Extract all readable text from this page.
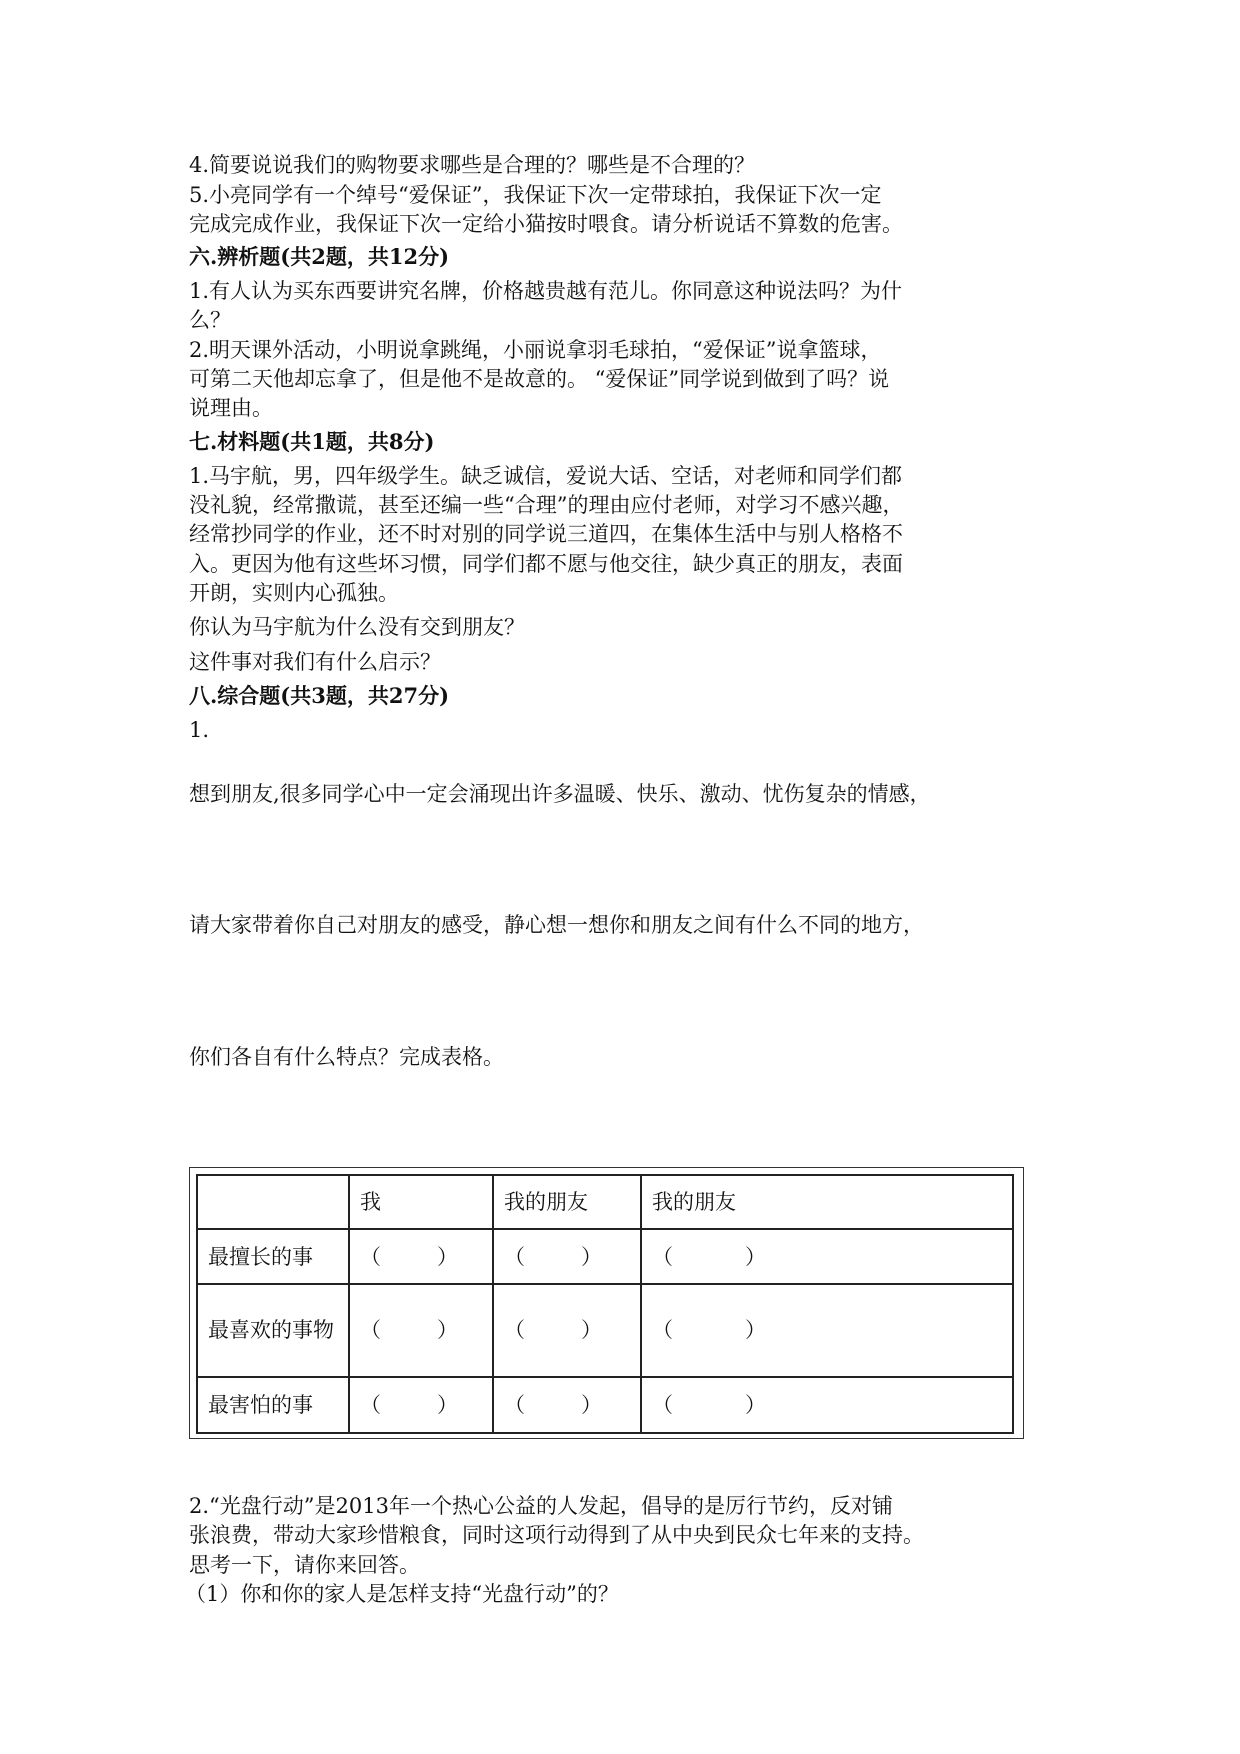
4.简要说说我们的购物要求哪些是合理的？哪些是不合理的？
5.小亮同学有一个绰号“爱保证”，我保证下次一定带球拍，我保证下次一定
完成完成作业，我保证下次一定给小猫按时喂食。请分析说话不算数的危害。
六.辨析题(共2题，共12分)
1.有人认为买东西要讲究名牌，价格越贵越有范儿。你同意这种说法吗？为什
么？
2.明天课外活动，小明说拿跳绳，小丽说拿羽毛球拍，“爱保证”说拿篮球，
可第二天他却忘拿了，但是他不是故意的。 “爱保证”同学说到做到了吗？说
说理由。
七.材料题(共1题，共8分)
1.马宇航，男，四年级学生。缺乏诚信，爱说大话、空话，对老师和同学们都
没礼貌，经常撒谎，甚至还编一些“合理”的理由应付老师，对学习不感兴趣，
经常抄同学的作业，还不时对别的同学说三道四，在集体生活中与别人格格不
入。更因为他有这些坏习惯，同学们都不愿与他交往，缺少真正的朋友，表面
开朗，实则内心孤独。
你认为马宇航为什么没有交到朋友？
这件事对我们有什么启示？
八.综合题(共3题，共27分)
1.
想到朋友,很多同学心中一定会涌现出许多温暖、快乐、激动、忧伤复杂的情感，
请大家带着你自己对朋友的感受，静心想一想你和朋友之间有什么不同的地方，
你们各自有什么特点？完成表格。
2.“光盘行动”是2013年一个热心公益的人发起，倡导的是厉行节约，反对铺
张浪费，带动大家珍惜粮食，同时这项行动得到了从中央到民众七年来的支持。
思考一下，请你来回答。
（1）你和你的家人是怎样支持“光盘行动”的？
	我	我的朋友	我的朋友
最擅长的事	（ ）	（ ）	（ ）
最喜欢的事物	（ ）	（ ）	（ ）
最害怕的事	（ ）	（ ）	（ ）
